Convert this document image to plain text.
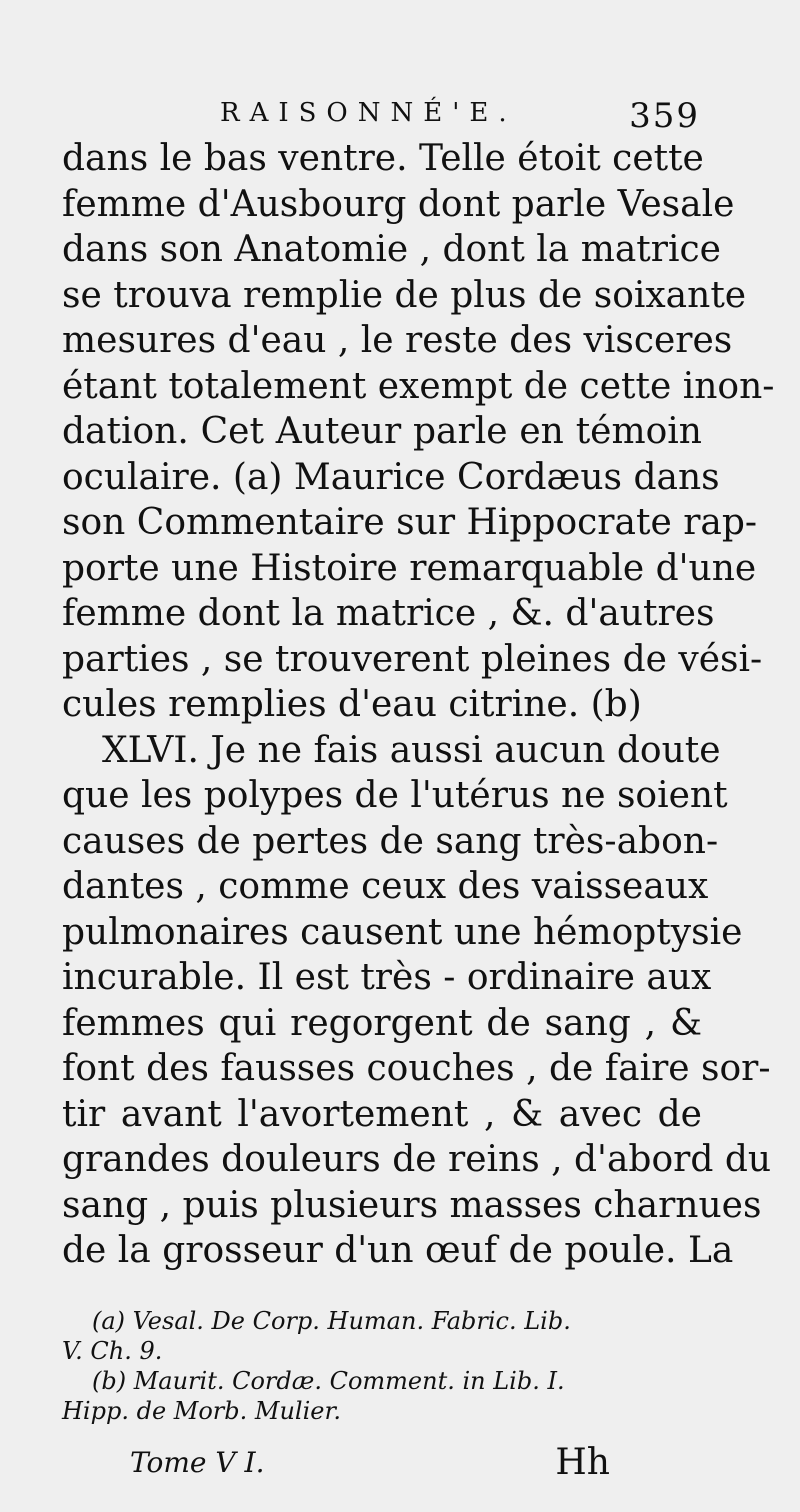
RAISONNÉ'E.	359
dans le bas ventre. Telle étoit cette
femme d'Ausbourg dont parle Vesale
dans son Anatomie , dont la matrice
se trouva remplie de plus de soixante
mesures d'eau , le reste des visceres
étant totalement exempt de cette inon-
dation. Cet Auteur parle en témoin
oculaire. (a) Maurice Cordæus dans
son Commentaire sur Hippocrate rap-
porte une Histoire remarquable d'une
femme dont la matrice , &. d'autres
parties , se trouverent pleines de vési-
cules remplies d'eau citrine. (b)
XLVI. Je ne fais aussi aucun doute
que les polypes de l'utérus ne soient
causes de pertes de sang très-abon-
dantes , comme ceux des vaisseaux
pulmonaires causent une hémoptysie
incurable. Il est très - ordinaire aux
femmes qui regorgent de sang , &
font des fausses couches , de faire sor-
tir avant l'avortement , & avec de
grandes douleurs de reins , d'abord du
sang , puis plusieurs masses charnues
de la grosseur d'un œuf de poule. La
(a) Vesal. De Corp. Human. Fabric. Lib.
V. Ch. 9.
(b) Maurit. Cordæ. Comment. in Lib. I.
Hipp. de Morb. Mulier.
Tome V I.	Hh
